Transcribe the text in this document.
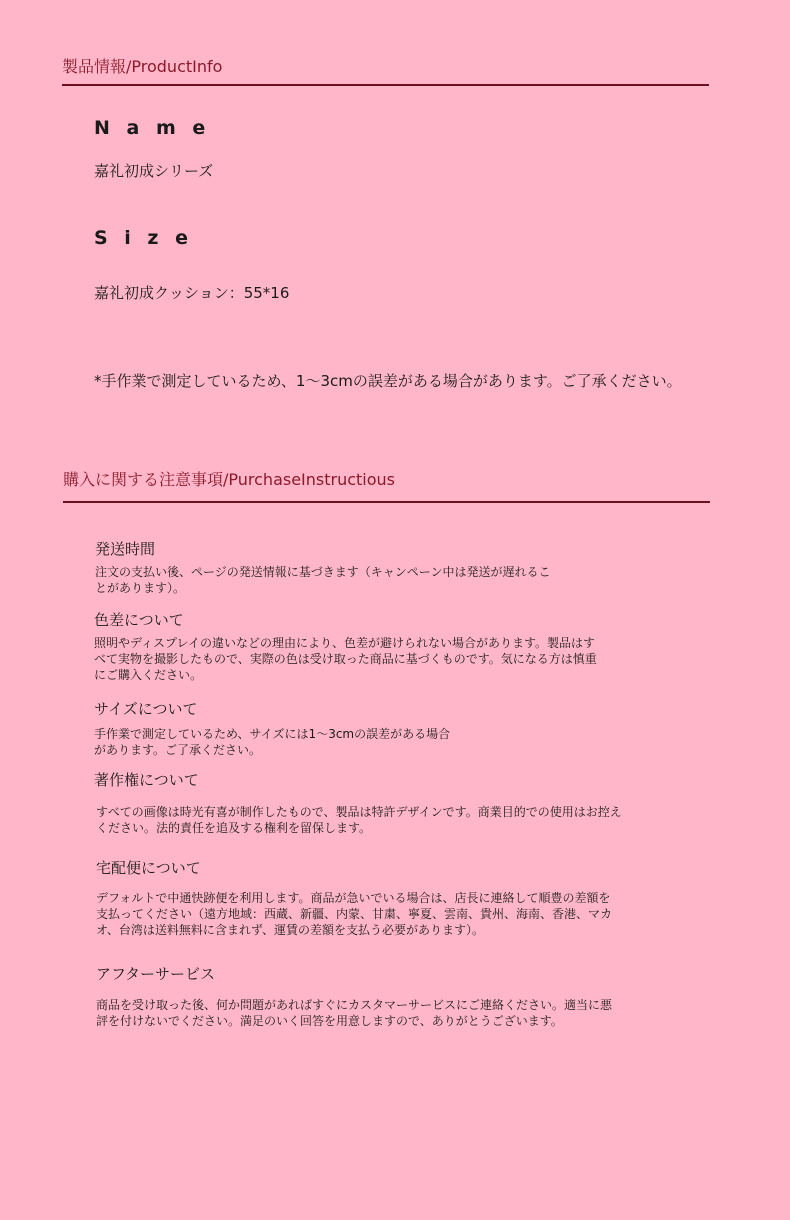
製品情報/ProductInfo
N a m e
嘉礼初成シリーズ
S i z e
嘉礼初成クッション：55*16
*手作業で測定しているため、1〜3cmの誤差がある場合があります。ご了承ください。
購入に関する注意事項/PurchaseInstructious
発送時間
注文の支払い後、ページの発送情報に基づきます（キャンペーン中は発送が遅れるこ
とがあります）。
色差について
照明やディスプレイの違いなどの理由により、色差が避けられない場合があります。製品はす
べて実物を撮影したもので、実際の色は受け取った商品に基づくものです。気になる方は慎重
にご購入ください。
サイズについて
手作業で測定しているため、サイズには1〜3cmの誤差がある場合
があります。ご了承ください。
著作権について
すべての画像は時光有喜が制作したもので、製品は特許デザインです。商業目的での使用はお控え
ください。法的責任を追及する権利を留保します。
宅配便について
デフォルトで中通快跡便を利用します。商品が急いでいる場合は、店長に連絡して順豊の差額を
支払ってください（遠方地域：西蔵、新疆、内蒙、甘粛、寧夏、雲南、貴州、海南、香港、マカ
オ、台湾は送料無料に含まれず、運賃の差額を支払う必要があります）。
アフターサービス
商品を受け取った後、何か問題があればすぐにカスタマーサービスにご連絡ください。適当に悪
評を付けないでください。満足のいく回答を用意しますので、ありがとうございます。
